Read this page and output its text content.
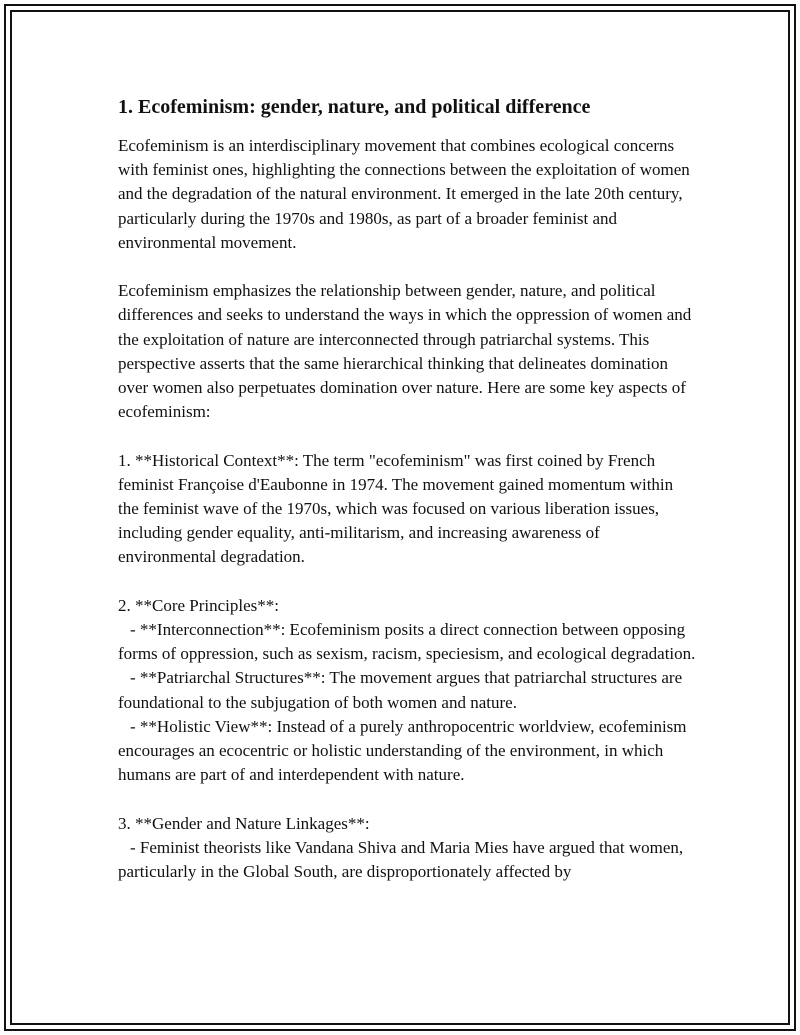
1. Ecofeminism: gender, nature, and political difference

Ecofeminism is an interdisciplinary movement that combines ecological concerns with feminist ones, highlighting the connections between the exploitation of women and the degradation of the natural environment. It emerged in the late 20th century, particularly during the 1970s and 1980s, as part of a broader feminist and environmental movement.

Ecofeminism emphasizes the relationship between gender, nature, and political differences and seeks to understand the ways in which the oppression of women and the exploitation of nature are interconnected through patriarchal systems. This perspective asserts that the same hierarchical thinking that delineates domination over women also perpetuates domination over nature. Here are some key aspects of ecofeminism:

1. **Historical Context**: The term "ecofeminism" was first coined by French feminist Françoise d'Eaubonne in 1974. The movement gained momentum within the feminist wave of the 1970s, which was focused on various liberation issues, including gender equality, anti-militarism, and increasing awareness of environmental degradation.

2. **Core Principles**:

- **Interconnection**: Ecofeminism posits a direct connection between opposing forms of oppression, such as sexism, racism, speciesism, and ecological degradation.

- **Patriarchal Structures**: The movement argues that patriarchal structures are foundational to the subjugation of both women and nature.

- **Holistic View**: Instead of a purely anthropocentric worldview, ecofeminism encourages an ecocentric or holistic understanding of the environment, in which humans are part of and interdependent with nature.

3. **Gender and Nature Linkages**:

- Feminist theorists like Vandana Shiva and Maria Mies have argued that women, particularly in the Global South, are disproportionately affected by
